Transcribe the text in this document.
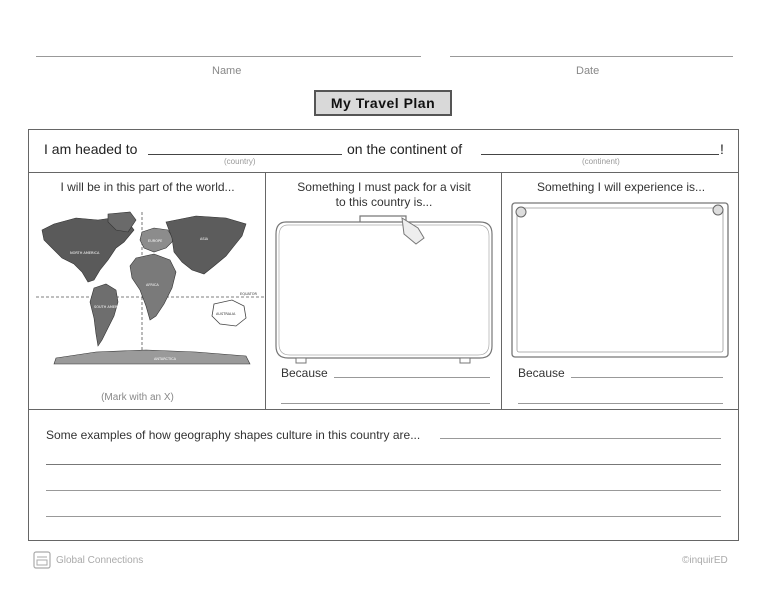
Name	Date
My Travel Plan
I am headed to
(country)
on the continent of
(continent)
!
I will be in this part of the world...
NORTH AMERICA
SOUTH AMERICA
EUROPE
AFRICA
ASIA
AUSTRALIA
ANTARCTICA
EQUATOR
(Mark with an X)
Something I must pack for a visit
to this country is...
Because
Something I will experience is...
Because
Some examples of how geography shapes culture in this country are...
Global Connections	©inquirED
